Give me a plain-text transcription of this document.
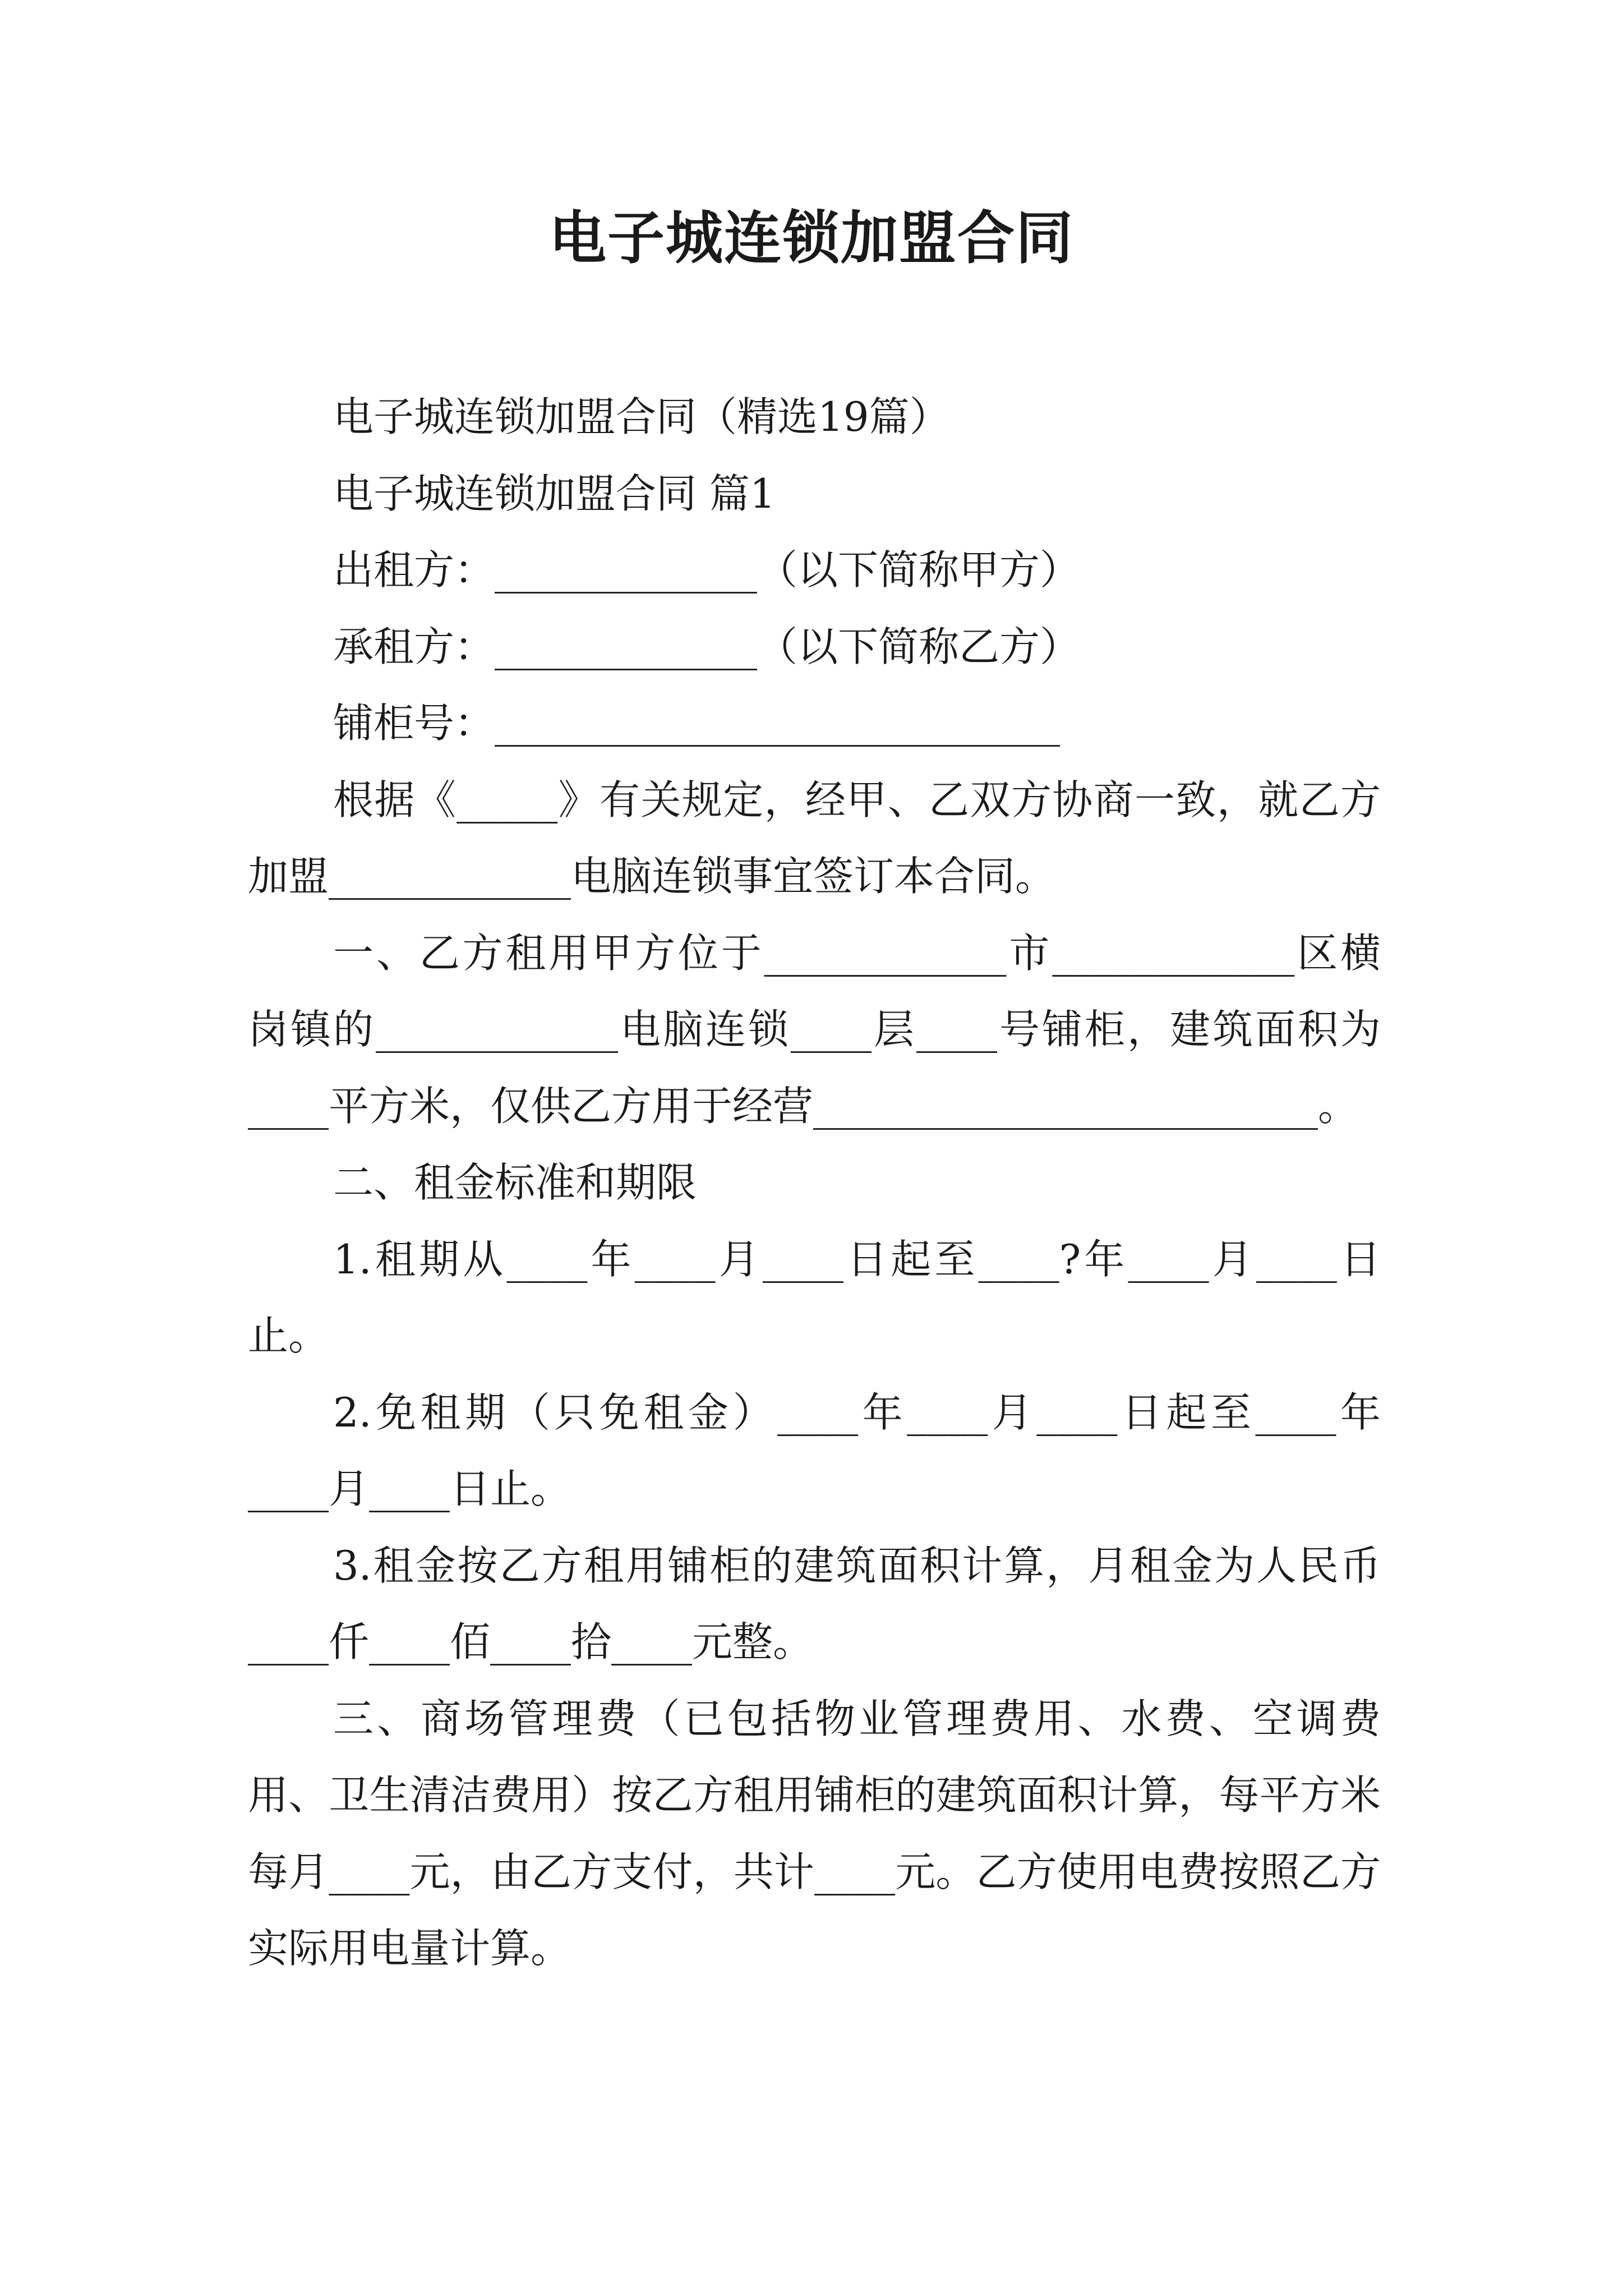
电子城连锁加盟合同

电子城连锁加盟合同（精选19篇）

电子城连锁加盟合同 篇1

出租方：_____________（以下简称甲方）

承租方：_____________（以下简称乙方）

铺柜号：____________________________

根据《_____》有关规定，经甲、乙双方协商一致，就乙方加盟____________电脑连锁事宜签订本合同。

一、乙方租用甲方位于____________市____________区横岗镇的____________电脑连锁____层____号铺柜，建筑面积为____平方米，仅供乙方用于经营_________________________。

二、租金标准和期限

1.租期从____年____月____日起至____?年____月____日止。

2.免租期（只免租金）____年____月____日起至____年____月____日止。

3.租金按乙方租用铺柜的建筑面积计算，月租金为人民币____仟____佰____拾____元整。

三、商场管理费（已包括物业管理费用、水费、空调费用、卫生清洁费用）按乙方租用铺柜的建筑面积计算，每平方米每月____元，由乙方支付，共计____元。乙方使用电费按照乙方实际用电量计算。
